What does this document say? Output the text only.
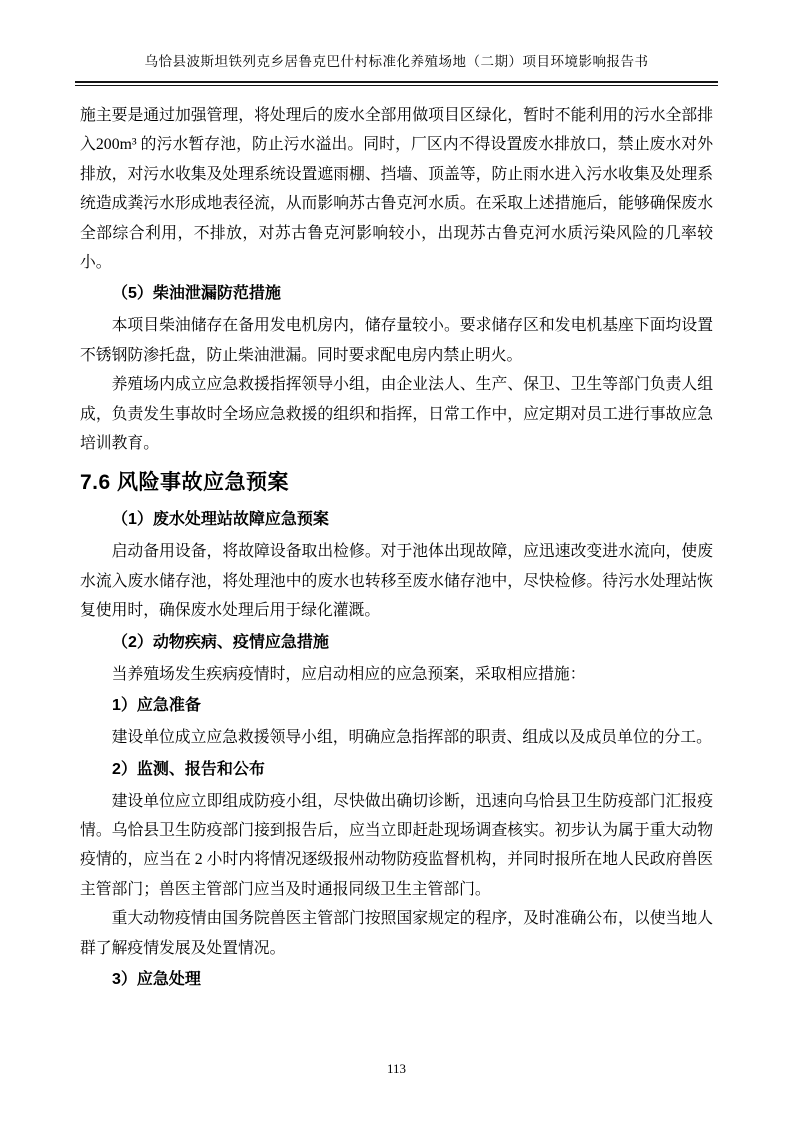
乌恰县波斯坦铁列克乡居鲁克巴什村标准化养殖场地（二期）项目环境影响报告书

施主要是通过加强管理，将处理后的废水全部用做项目区绿化，暂时不能利用的污水全部排入200m³ 的污水暂存池，防止污水溢出。同时，厂区内不得设置废水排放口，禁止废水对外排放，对污水收集及处理系统设置遮雨棚、挡墙、顶盖等，防止雨水进入污水收集及处理系统造成粪污水形成地表径流，从而影响苏古鲁克河水质。在采取上述措施后，能够确保废水全部综合利用，不排放，对苏古鲁克河影响较小，出现苏古鲁克河水质污染风险的几率较小。

（5）柴油泄漏防范措施

本项目柴油储存在备用发电机房内，储存量较小。要求储存区和发电机基座下面均设置不锈钢防渗托盘，防止柴油泄漏。同时要求配电房内禁止明火。

养殖场内成立应急救援指挥领导小组，由企业法人、生产、保卫、卫生等部门负责人组成，负责发生事故时全场应急救援的组织和指挥，日常工作中，应定期对员工进行事故应急培训教育。

7.6 风险事故应急预案
（1）废水处理站故障应急预案

启动备用设备，将故障设备取出检修。对于池体出现故障，应迅速改变进水流向，使废水流入废水储存池，将处理池中的废水也转移至废水储存池中，尽快检修。待污水处理站恢复使用时，确保废水处理后用于绿化灌溉。

（2）动物疾病、疫情应急措施

当养殖场发生疾病疫情时，应启动相应的应急预案，采取相应措施：

1）应急准备

建设单位成立应急救援领导小组，明确应急指挥部的职责、组成以及成员单位的分工。

2）监测、报告和公布

建设单位应立即组成防疫小组，尽快做出确切诊断，迅速向乌恰县卫生防疫部门汇报疫情。乌恰县卫生防疫部门接到报告后，应当立即赶赴现场调查核实。初步认为属于重大动物疫情的，应当在 2 小时内将情况逐级报州动物防疫监督机构，并同时报所在地人民政府兽医主管部门；兽医主管部门应当及时通报同级卫生主管部门。

重大动物疫情由国务院兽医主管部门按照国家规定的程序，及时准确公布，以使当地人群了解疫情发展及处置情况。

3）应急处理
113
